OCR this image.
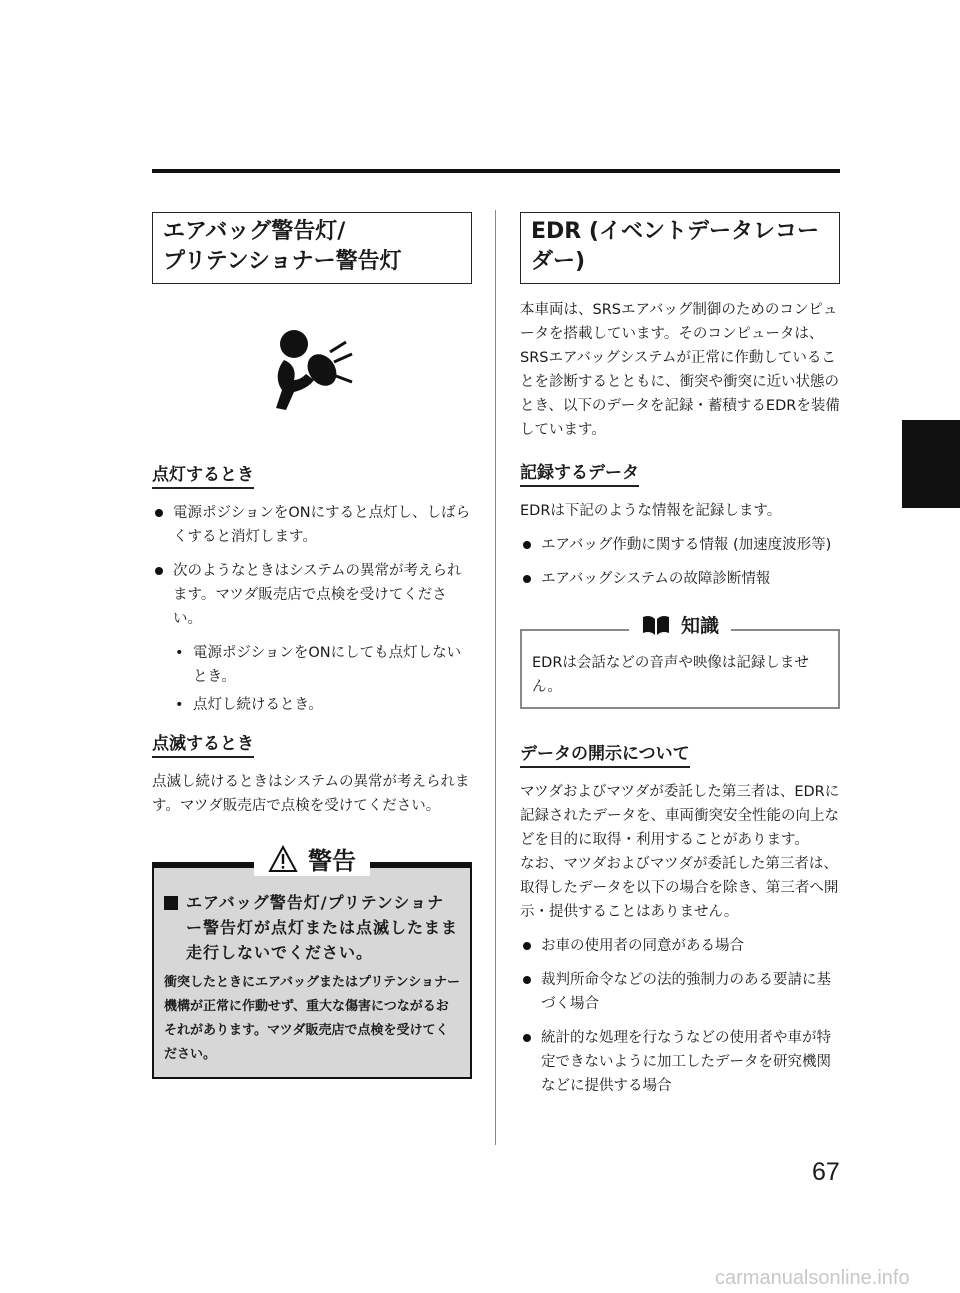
エアバッグ警告灯/
プリテンショナー警告灯
点灯するとき
電源ポジションをONにすると点灯し、しばらくすると消灯します。
次のようなときはシステムの異常が考えられます。マツダ販売店で点検を受けてください。
• 電源ポジションをONにしても点灯しないとき。
• 点灯し続けるとき。
点滅するとき

点滅し続けるときはシステムの異常が考えられます。マツダ販売店で点検を受けてください。

警告

エアバッグ警告灯/プリテンショナー警告灯が点灯または点滅したまま走行しないでください。

衝突したときにエアバッグまたはプリテンショナー機構が正常に作動せず、重大な傷害につながるおそれがあります。マツダ販売店で点検を受けてください。

EDR (イベントデータレコーダー)

本車両は、SRSエアバッグ制御のためのコンピュータを搭載しています。そのコンピュータは、SRSエアバッグシステムが正常に作動していることを診断するとともに、衝突や衝突に近い状態のとき、以下のデータを記録・蓄積するEDRを装備しています。

記録するデータ

EDRは下記のような情報を記録します。

エアバッグ作動に関する情報 (加速度波形等)
エアバッグシステムの故障診断情報
知識

EDRは会話などの音声や映像は記録しません。

データの開示について

マツダおよびマツダが委託した第三者は、EDRに記録されたデータを、車両衝突安全性能の向上などを目的に取得・利用することがあります。

なお、マツダおよびマツダが委託した第三者は、取得したデータを以下の場合を除き、第三者へ開示・提供することはありません。

お車の使用者の同意がある場合
裁判所命令などの法的強制力のある要請に基づく場合
統計的な処理を行なうなどの使用者や車が特定できないように加工したデータを研究機関などに提供する場合
67
carmanualsonline.info
